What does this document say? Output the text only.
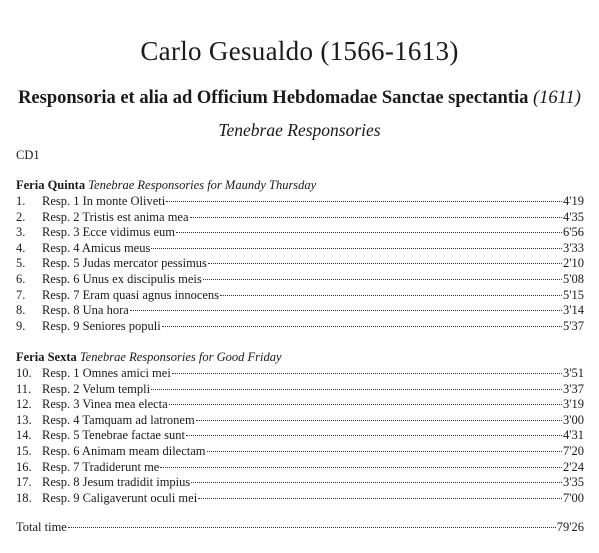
Carlo Gesualdo (1566-1613)
Responsoria et alia ad Officium Hebdomadae Sanctae spectantia (1611)
Tenebrae Responsories
CD1
Feria Quinta Tenebrae Responsories for Maundy Thursday
1.	Resp. 1 In monte Oliveti	4'19
2.	Resp. 2 Tristis est anima mea	4'35
3.	Resp. 3 Ecce vidimus eum	6'56
4.	Resp. 4 Amicus meus	3'33
5.	Resp. 5 Judas mercator pessimus	2'10
6.	Resp. 6 Unus ex discipulis meis	5'08
7.	Resp. 7 Eram quasi agnus innocens	5'15
8.	Resp. 8 Una hora	3'14
9.	Resp. 9 Seniores populi	5'37
Feria Sexta Tenebrae Responsories for Good Friday
10. Resp. 1 Omnes amici mei	3'51
11. Resp. 2 Velum templi	3'37
12. Resp. 3 Vinea mea electa	3'19
13. Resp. 4 Tamquam ad latronem	3'00
14. Resp. 5 Tenebrae factae sunt	4'31
15. Resp. 6 Animam meam dilectam	7'20
16. Resp. 7 Tradiderunt me	2'24
17. Resp. 8 Jesum tradidit impius	3'35
18. Resp. 9 Caligaverunt oculi mei	7'00
Total time	79'26
